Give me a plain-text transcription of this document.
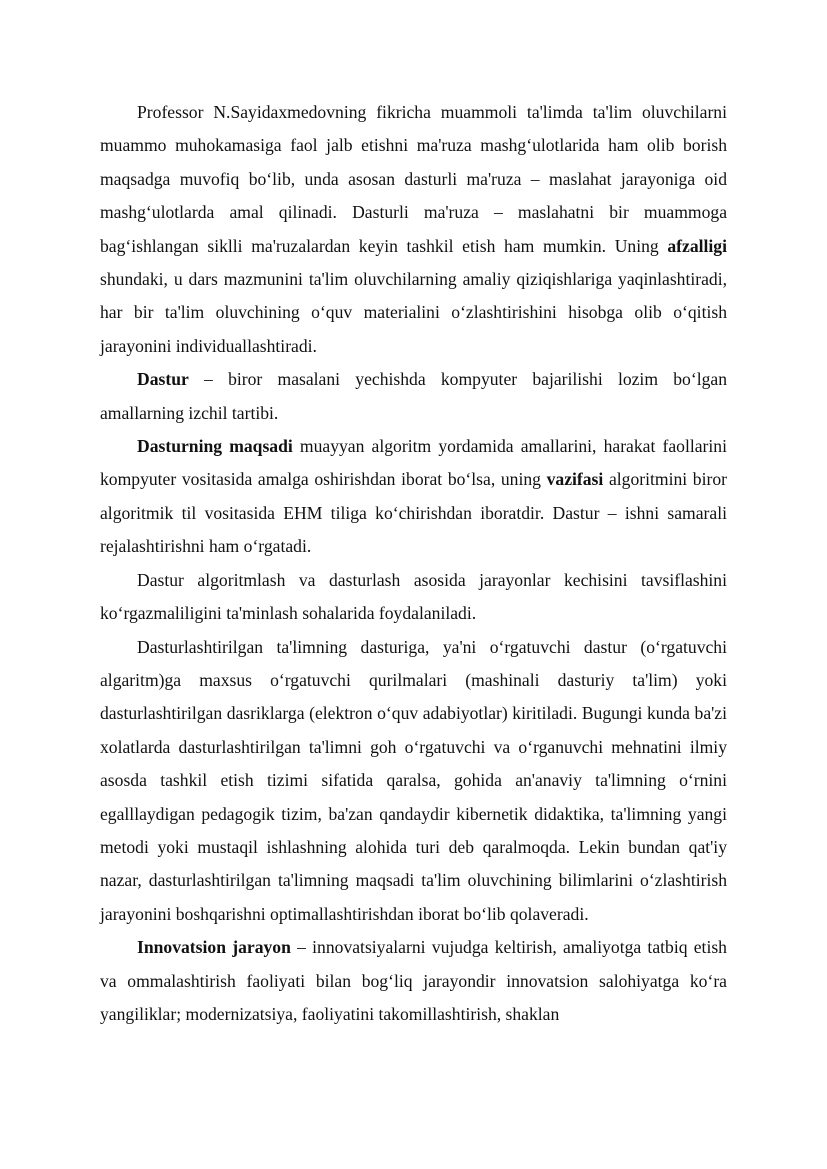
Professor N.Sayidaxmedovning fikricha muammoli ta'limda ta'lim oluvchilarni muammo muhokamasiga faol jalb etishni ma'ruza mashg‘ulotlarida ham olib borish maqsadga muvofiq bo‘lib, unda asosan dasturli ma'ruza – maslahat jarayoniga oid mashg‘ulotlarda amal qilinadi. Dasturli ma'ruza – maslahatni bir muammoga bag‘ishlangan siklli ma'ruzalardan keyin tashkil etish ham mumkin. Uning afzalligi shundaki, u dars mazmunini ta'lim oluvchilarning amaliy qiziqishlariga yaqinlashtiradi, har bir ta'lim oluvchining o‘quv materialini o‘zlashtirishini hisobga olib o‘qitish jarayonini individuallashtiradi.

Dastur – biror masalani yechishda kompyuter bajarilishi lozim bo‘lgan amallarning izchil tartibi.

Dasturning maqsadi muayyan algoritm yordamida amallarini, harakat faollarini kompyuter vositasida amalga oshirishdan iborat bo‘lsa, uning vazifasi algoritmini biror algoritmik til vositasida EHM tiliga ko‘chirishdan iboratdir. Dastur – ishni samarali rejalashtirishni ham o‘rgatadi.

Dastur algoritmlash va dasturlash asosida jarayonlar kechisini tavsiflashini ko‘rgazmaliligini ta'minlash sohalarida foydalaniladi.

Dasturlashtirilgan ta'limning dasturiga, ya'ni o‘rgatuvchi dastur (o‘rgatuvchi algaritm)ga maxsus o‘rgatuvchi qurilmalari (mashinali dasturiy ta'lim) yoki dasturlashtirilgan dasriklarga (elektron o‘quv adabiyotlar) kiritiladi. Bugungi kunda ba'zi xolatlarda dasturlashtirilgan ta'limni goh o‘rgatuvchi va o‘rganuvchi mehnatini ilmiy asosda tashkil etish tizimi sifatida qaralsa, gohida an'anaviy ta'limning o‘rnini egalllaydigan pedagogik tizim, ba'zan qandaydir kibernetik didaktika, ta'limning yangi metodi yoki mustaqil ishlashning alohida turi deb qaralmoqda. Lekin bundan qat'iy nazar, dasturlashtirilgan ta'limning maqsadi ta'lim oluvchining bilimlarini o‘zlashtirish jarayonini boshqarishni optimallashtirishdan iborat bo‘lib qolaveradi.

Innovatsion jarayon – innovatsiyalarni vujudga keltirish, amaliyotga tatbiq etish va ommalashtirish faoliyati bilan bog‘liq jarayondir innovatsion salohiyatga ko‘ra yangiliklar; modernizatsiya, faoliyatini takomillashtirish, shaklan
